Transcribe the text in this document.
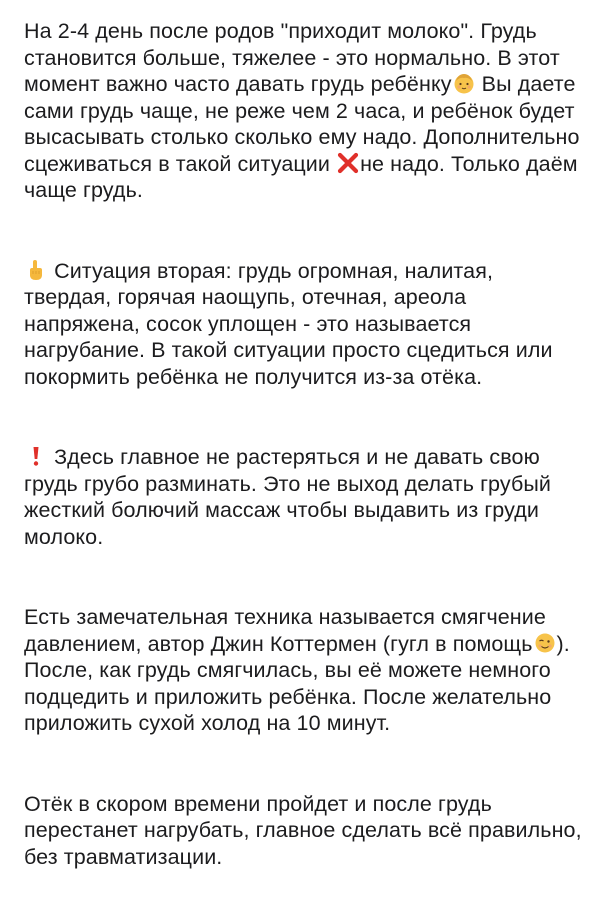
На 2-4 день после родов "приходит молоко". Грудь становится больше, тяжелее - это нормально. В этот момент важно часто давать грудь ребёнку
Вы даете сами грудь чаще, не реже чем 2 часа, и ребёнок будет высасывать столько сколько ему надо. Дополнительно сцеживаться в такой ситуации
не надо. Только даём чаще грудь.

Ситуация вторая: грудь огромная, налитая, твердая, горячая наощупь, отечная, ареола напряжена, сосок уплощен - это называется нагрубание. В такой ситуации просто сцедиться или покормить ребёнка не получится из-за отёка.

Здесь главное не растеряться и не давать свою грудь грубо разминать. Это не выход делать грубый жесткий болючий массаж чтобы выдавить из груди молоко.

Есть замечательная техника называется смягчение давлением, автор Джин Коттермен (гугл в помощь ). После, как грудь смягчилась, вы её можете немного подцедить и приложить ребёнка. После желательно приложить сухой холод на 10 минут.

Отёк в скором времени пройдет и после грудь перестанет нагрубать, главное сделать всё правильно, без травматизации.
